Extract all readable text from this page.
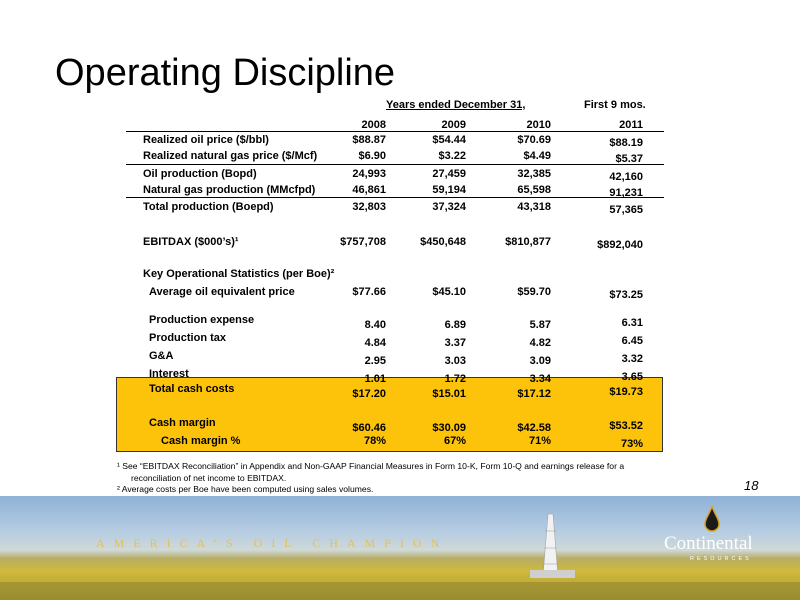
Operating Discipline
Years ended December 31,	First 9 mos.
2008	2009	2010	2011
Realized oil price ($/bbl)	$88.87	$54.44	$70.69	$88.19
Realized natural gas price ($/Mcf)	$6.90	$3.22	$4.49	$5.37
Oil production (Bopd)	24,993	27,459	32,385	42,160
Natural gas production (MMcfpd)	46,861	59,194	65,598	91,231
Total production (Boepd)	32,803	37,324	43,318	57,365
EBITDAX ($000’s)¹	$757,708	$450,648	$810,877	$892,040
Key Operational Statistics (per Boe)²
Average oil equivalent price	$77.66	$45.10	$59.70	$73.25
Production expense	8.40	6.89	5.87	6.31
Production tax	4.84	3.37	4.82	6.45
G&A	2.95	3.03	3.09	3.32
Interest	1.01	1.72	3.34	3.65
Total cash costs	$17.20	$15.01	$17.12	$19.73
Cash margin	$60.46	$30.09	$42.58	$53.52
Cash margin %	78%	67%	71%	73%
¹ See “EBITDAX Reconciliation” in Appendix and Non-GAAP Financial Measures in Form 10-K, Form 10-Q and earnings release for a
reconciliation of net income to EBITDAX.
² Average costs per Boe have been computed using sales volumes.	18
AMERICA’S OIL CHAMPION	Continental
RESOURCES
